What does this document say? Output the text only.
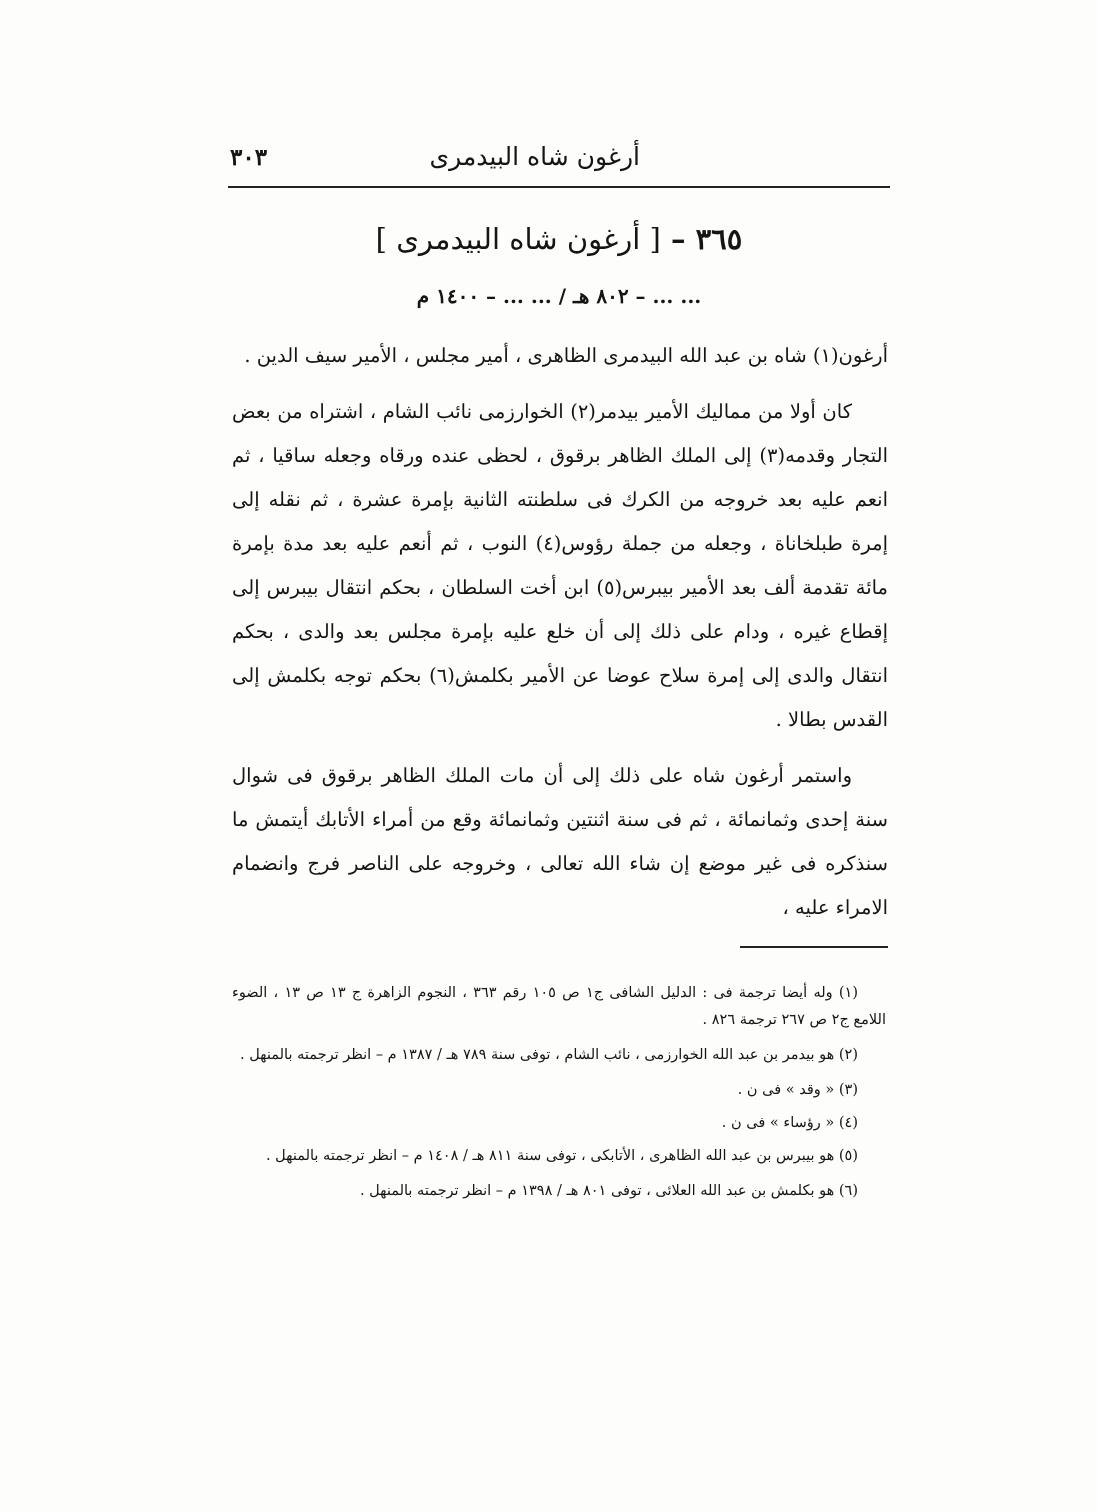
أرغون شاه البيدمرى
٣٠٣
٣٦٥ – [ أرغون شاه البيدمرى ]
... ... – ٨٠٢ هـ / ... ... – ١٤٠٠ م

أرغون(١) شاه بن عبد الله البيدمرى الظاهرى ، أمير مجلس ، الأمير سيف الدين .

كان أولا من مماليك الأمير بيدمر(٢) الخوارزمى نائب الشام ، اشتراه من بعض التجار وقدمه(٣) إلى الملك الظاهر برقوق ، لحظى عنده ورقاه وجعله ساقيا ، ثم انعم عليه بعد خروجه من الكرك فى سلطنته الثانية بإمرة عشرة ، ثم نقله إلى إمرة طبلخاناة ، وجعله من جملة رؤوس(٤) النوب ، ثم أنعم عليه بعد مدة بإمرة مائة تقدمة ألف بعد الأمير بيبرس(٥) ابن أخت السلطان ، بحكم انتقال بيبرس إلى إقطاع غيره ، ودام على ذلك إلى أن خلع عليه بإمرة مجلس بعد والدى ، بحكم انتقال والدى إلى إمرة سلاح عوضا عن الأمير بكلمش(٦) بحكم توجه بكلمش إلى القدس بطالا .

واستمر أرغون شاه على ذلك إلى أن مات الملك الظاهر برقوق فى شوال سنة إحدى وثمانمائة ، ثم فى سنة اثنتين وثمانمائة وقع من أمراء الأتابك أيتمش ما سنذكره فى غير موضع إن شاء الله تعالى ، وخروجه على الناصر فرج وانضمام الامراء عليه ،

(١) وله أيضا ترجمة فى : الدليل الشافى ج١ ص ١٠٥ رقم ٣٦٣ ، النجوم الزاهرة ج ١٣ ص ١٣ ، الضوء اللامع ج٢ ص ٢٦٧ ترجمة ٨٢٦ .

(٢) هو بيدمر بن عبد الله الخوارزمى ، نائب الشام ، توفى سنة ٧٨٩ هـ / ١٣٨٧ م – انظر ترجمته بالمنهل .

(٣) « وقد » فى ن .

(٤) « رؤساء » فى ن .

(٥) هو بيبرس بن عبد الله الظاهرى ، الأتابكى ، توفى سنة ٨١١ هـ / ١٤٠٨ م – انظر ترجمته بالمنهل .

(٦) هو بكلمش بن عبد الله العلائى ، توفى ٨٠١ هـ / ١٣٩٨ م – انظر ترجمته بالمنهل .
